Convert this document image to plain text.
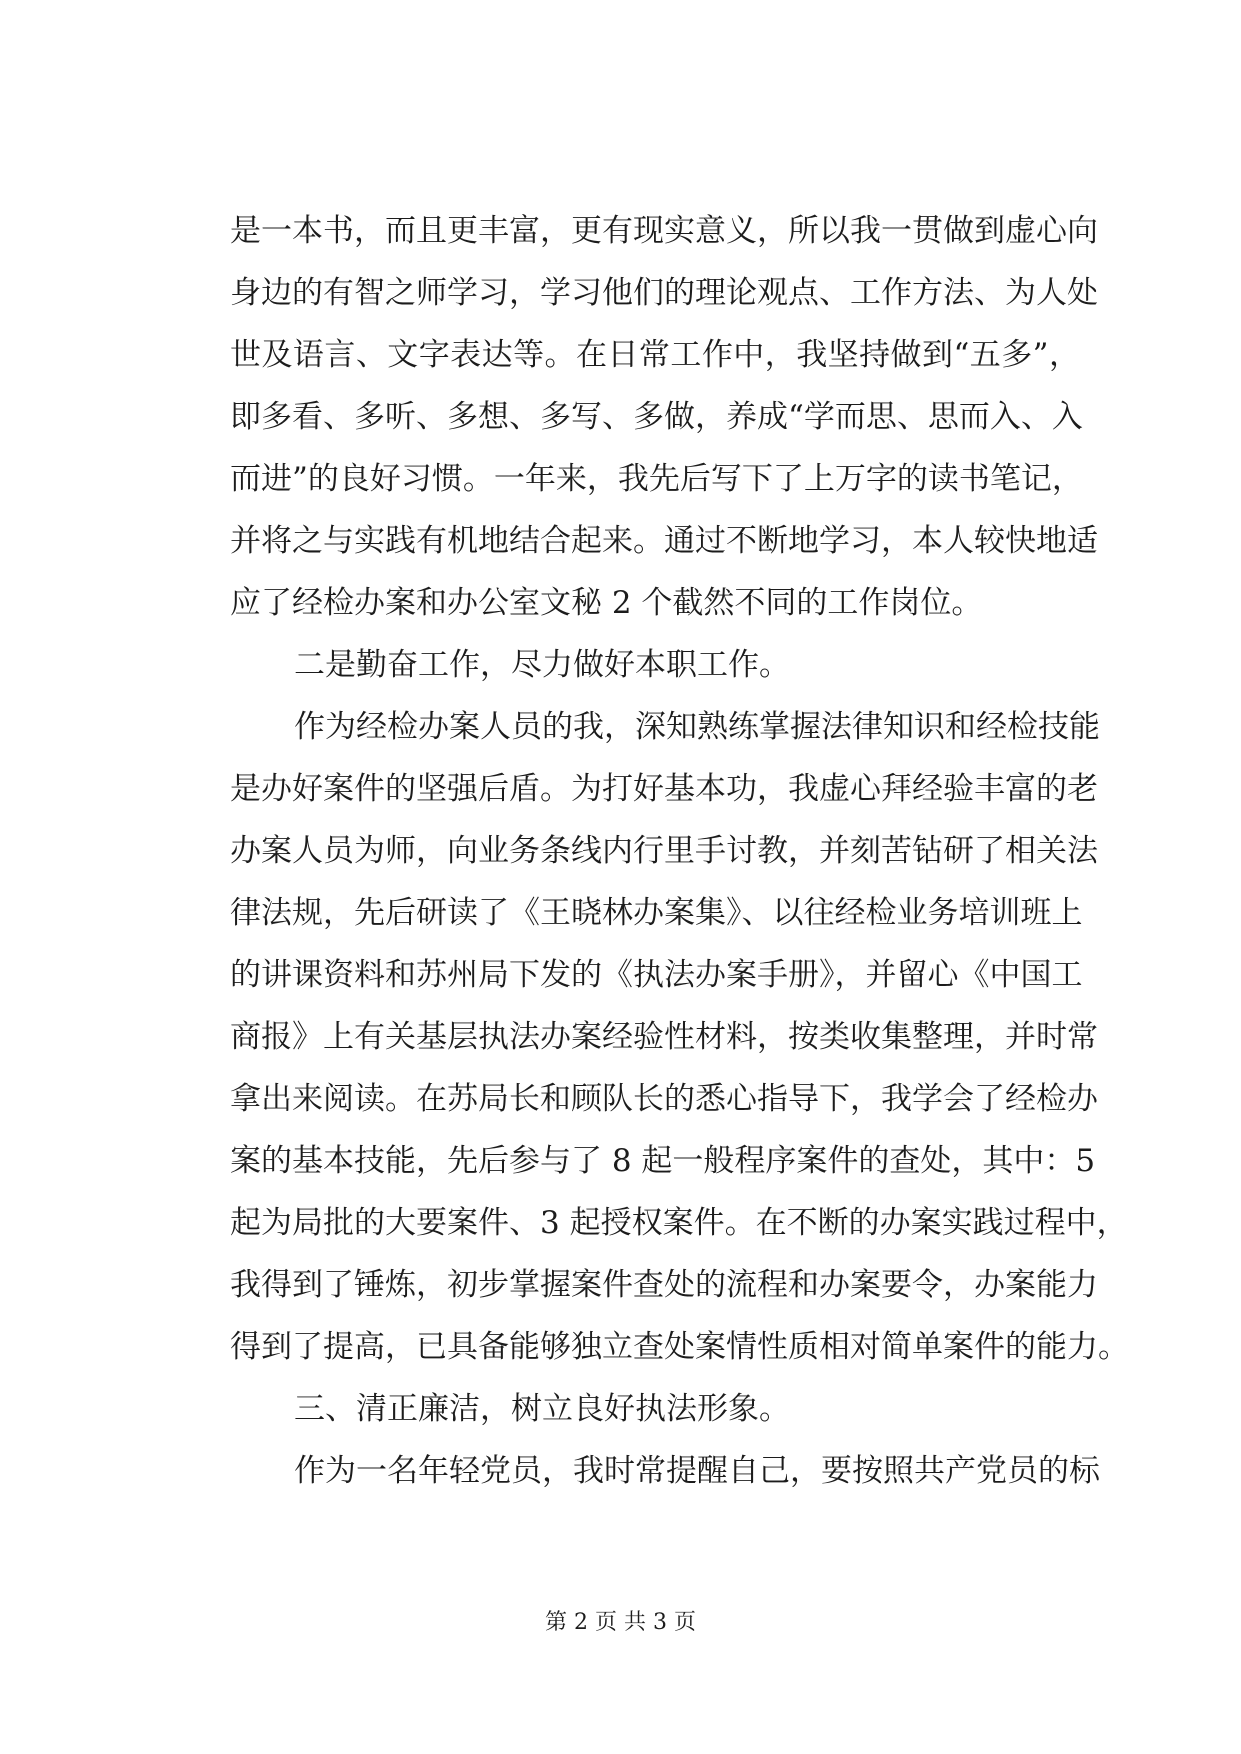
是一本书，而且更丰富，更有现实意义，所以我一贯做到虚心向
身边的有智之师学习，学习他们的理论观点、工作方法、为人处
世及语言、文字表达等。在日常工作中，我坚持做到“五多”，
即多看、多听、多想、多写、多做，养成“学而思、思而入、入
而进”的良好习惯。一年来，我先后写下了上万字的读书笔记，
并将之与实践有机地结合起来。通过不断地学习，本人较快地适
应了经检办案和办公室文秘 2 个截然不同的工作岗位。
二是勤奋工作，尽力做好本职工作。
作为经检办案人员的我，深知熟练掌握法律知识和经检技能
是办好案件的坚强后盾。为打好基本功，我虚心拜经验丰富的老
办案人员为师，向业务条线内行里手讨教，并刻苦钻研了相关法
律法规，先后研读了《王晓林办案集》、以往经检业务培训班上
的讲课资料和苏州局下发的《执法办案手册》，并留心《中国工
商报》上有关基层执法办案经验性材料，按类收集整理，并时常
拿出来阅读。在苏局长和顾队长的悉心指导下，我学会了经检办
案的基本技能，先后参与了 8 起一般程序案件的查处，其中：5
起为局批的大要案件、3 起授权案件。在不断的办案实践过程中，
我得到了锤炼，初步掌握案件查处的流程和办案要令，办案能力
得到了提高，已具备能够独立查处案情性质相对简单案件的能力。
三、清正廉洁，树立良好执法形象。
作为一名年轻党员，我时常提醒自己，要按照共产党员的标
第 2 页 共 3 页
